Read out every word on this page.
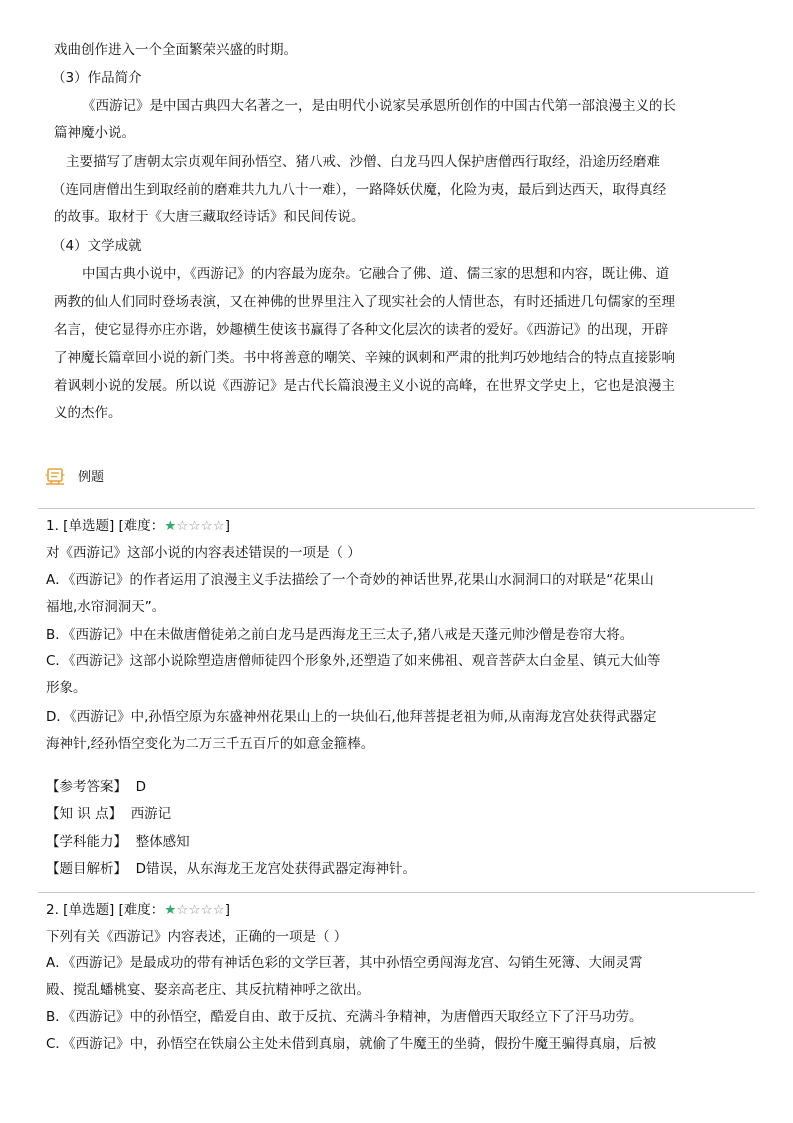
戏曲创作进入一个全面繁荣兴盛的时期。
（3）作品简介
《西游记》是中国古典四大名著之一，是由明代小说家吴承恩所创作的中国古代第一部浪漫主义的长
篇神魔小说。
主要描写了唐朝太宗贞观年间孙悟空、猪八戒、沙僧、白龙马四人保护唐僧西行取经，沿途历经磨难
（连同唐僧出生到取经前的磨难共九九八十一难），一路降妖伏魔，化险为夷，最后到达西天，取得真经
的故事。取材于《大唐三藏取经诗话》和民间传说。
（4）文学成就
中国古典小说中，《西游记》的内容最为庞杂。它融合了佛、道、儒三家的思想和内容，既让佛、道
两教的仙人们同时登场表演，又在神佛的世界里注入了现实社会的人情世态，有时还插进几句儒家的至理
名言，使它显得亦庄亦谐，妙趣横生使该书赢得了各种文化层次的读者的爱好。《西游记》的出现，开辟
了神魔长篇章回小说的新门类。书中将善意的嘲笑、辛辣的讽刺和严肃的批判巧妙地结合的特点直接影响
着讽刺小说的发展。所以说《西游记》是古代长篇浪漫主义小说的高峰，在世界文学史上，它也是浪漫主
义的杰作。
例题
1. [单选题] [难度：★☆☆☆☆]
对《西游记》这部小说的内容表述错误的一项是（ ）
A．《西游记》的作者运用了浪漫主义手法描绘了一个奇妙的神话世界,花果山水洞洞口的对联是“花果山
福地,水帘洞洞天”。
B．《西游记》中在未做唐僧徒弟之前白龙马是西海龙王三太子,猪八戒是天蓬元帅沙僧是卷帘大将。
C．《西游记》这部小说除塑造唐僧师徒四个形象外,还塑造了如来佛祖、观音菩萨太白金星、镇元大仙等
形象。
D．《西游记》中,孙悟空原为东盛神州花果山上的一块仙石,他拜菩提老祖为师,从南海龙宫处获得武器定
海神针,经孙悟空变化为二万三千五百斤的如意金箍棒。
【参考答案】 D
【知 识 点】 西游记
【学科能力】 整体感知
【题目解析】 D错误，从东海龙王龙宫处获得武器定海神针。
2. [单选题] [难度：★☆☆☆☆]
下列有关《西游记》内容表述，正确的一项是（ ）
A．《西游记》是最成功的带有神话色彩的文学巨著，其中孙悟空勇闯海龙宫、勾销生死簿、大闹灵霄
殿、搅乱蟠桃宴、娶亲高老庄、其反抗精神呼之欲出。
B．《西游记》中的孙悟空，酷爱自由、敢于反抗、充满斗争精神，为唐僧西天取经立下了汗马功劳。
C．《西游记》中，孙悟空在铁扇公主处未借到真扇，就偷了牛魔王的坐骑，假扮牛魔王骗得真扇，后被
